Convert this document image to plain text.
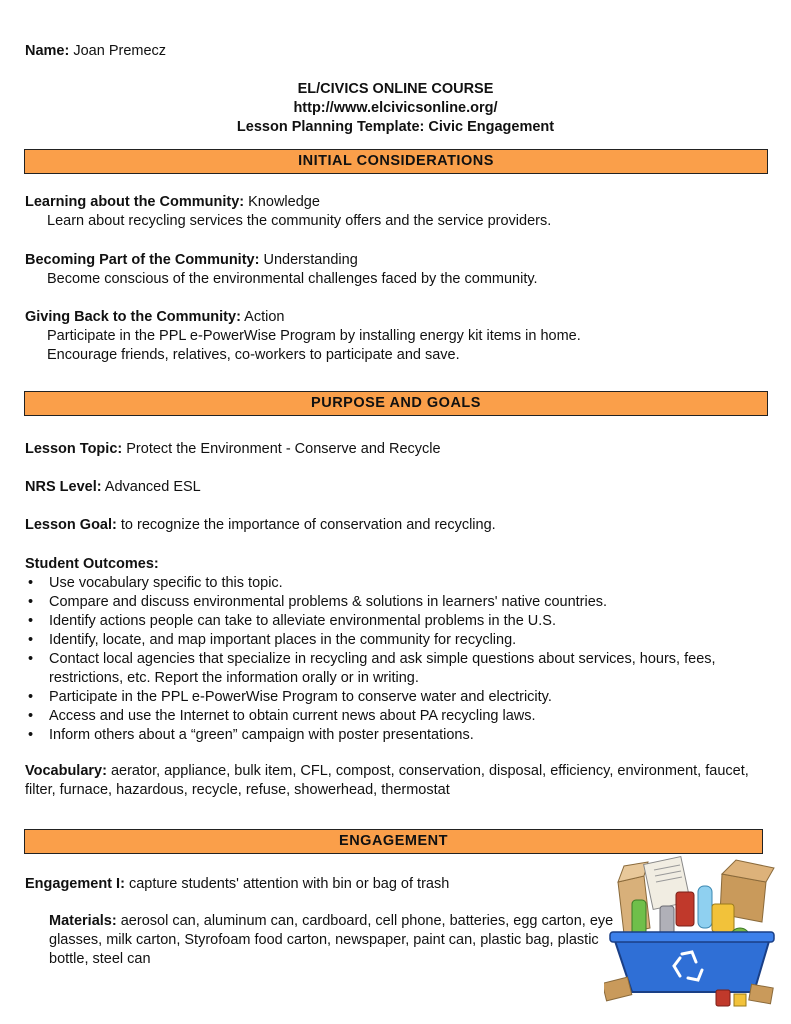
Name: Joan Premecz
EL/CIVICS ONLINE COURSE
http://www.elcivicsonline.org/
Lesson Planning Template: Civic Engagement
INITIAL CONSIDERATIONS
Learning about the Community: Knowledge
Learn about recycling services the community offers and the service providers.
Becoming Part of the Community: Understanding
Become conscious of the environmental challenges faced by the community.
Giving Back to the Community: Action
Participate in the PPL e-PowerWise Program by installing energy kit items in home.
Encourage friends, relatives, co-workers to participate and save.
PURPOSE AND GOALS
Lesson Topic: Protect the Environment - Conserve and Recycle
NRS Level: Advanced ESL
Lesson Goal: to recognize the importance of conservation and recycling.
Student Outcomes:
• Use vocabulary specific to this topic.
• Compare and discuss environmental problems & solutions in learners' native countries.
• Identify actions people can take to alleviate environmental problems in the U.S.
• Identify, locate, and map important places in the community for recycling.
• Contact local agencies that specialize in recycling and ask simple questions about services, hours, fees, restrictions, etc. Report the information orally or in writing.
• Participate in the PPL e-PowerWise Program to conserve water and electricity.
• Access and use the Internet to obtain current news about PA recycling laws.
• Inform others about a “green” campaign with poster presentations.
Vocabulary: aerator, appliance, bulk item, CFL, compost, conservation, disposal, efficiency, environment, faucet, filter, furnace, hazardous, recycle, refuse, showerhead, thermostat
ENGAGEMENT
Engagement I: capture students' attention with bin or bag of trash
Materials: aerosol can, aluminum can, cardboard, cell phone, batteries, egg carton, eye glasses, milk carton, Styrofoam food carton, newspaper, paint can, plastic bag, plastic bottle, steel can
